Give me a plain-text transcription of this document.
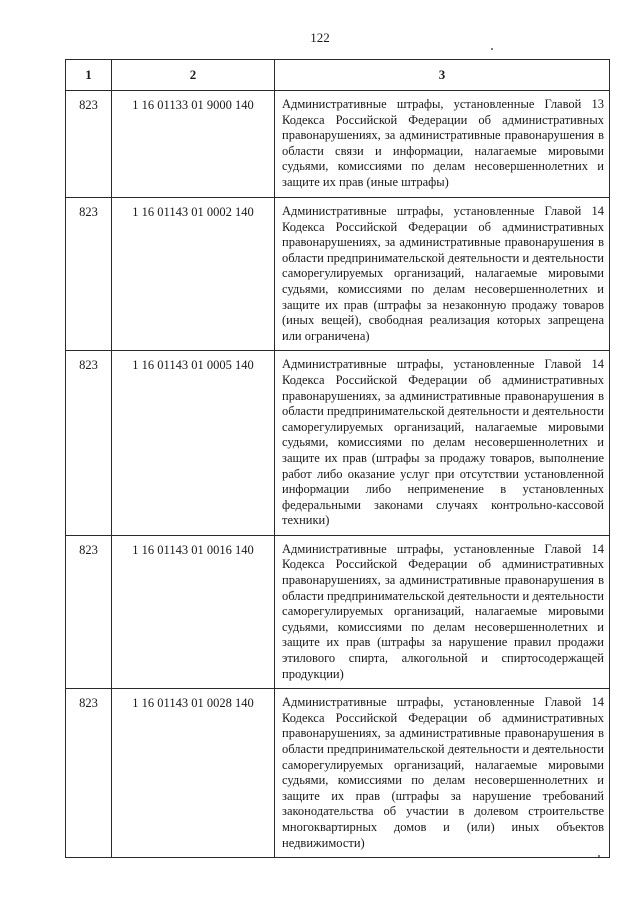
122
1	2	3
823	1 16 01133 01 9000 140	Административные штрафы, установленные Главой 13 Кодекса Российской Федерации об административных правонарушениях, за административные правонарушения в области связи и информации, налагаемые мировыми судьями, комиссиями по делам несовершеннолетних и защите их прав (иные штрафы)
823	1 16 01143 01 0002 140	Административные штрафы, установленные Главой 14 Кодекса Российской Федерации об административных правонарушениях, за административные правонарушения в области предпринимательской деятельности и деятельности саморегулируемых организаций, налагаемые мировыми судьями, комиссиями по делам несовершеннолетних и защите их прав (штрафы за незаконную продажу товаров (иных вещей), свободная реализация которых запрещена или ограничена)
823	1 16 01143 01 0005 140	Административные штрафы, установленные Главой 14 Кодекса Российской Федерации об административных правонарушениях, за административные правонарушения в области предпринимательской деятельности и деятельности саморегулируемых организаций, налагаемые мировыми судьями, комиссиями по делам несовершеннолетних и защите их прав (штрафы за продажу товаров, выполнение работ либо оказание услуг при отсутствии установленной информации либо неприменение в установленных федеральными законами случаях контрольно-кассовой техники)
823	1 16 01143 01 0016 140	Административные штрафы, установленные Главой 14 Кодекса Российской Федерации об административных правонарушениях, за административные правонарушения в области предпринимательской деятельности и деятельности саморегулируемых организаций, налагаемые мировыми судьями, комиссиями по делам несовершеннолетних и защите их прав (штрафы за нарушение правил продажи этилового спирта, алкогольной и спиртосодержащей продукции)
823	1 16 01143 01 0028 140	Административные штрафы, установленные Главой 14 Кодекса Российской Федерации об административных правонарушениях, за административные правонарушения в области предпринимательской деятельности и деятельности саморегулируемых организаций, налагаемые мировыми судьями, комиссиями по делам несовершеннолетних и защите их прав (штрафы за нарушение требований законодательства об участии в долевом строительстве многоквартирных домов и (или) иных объектов недвижимости)
